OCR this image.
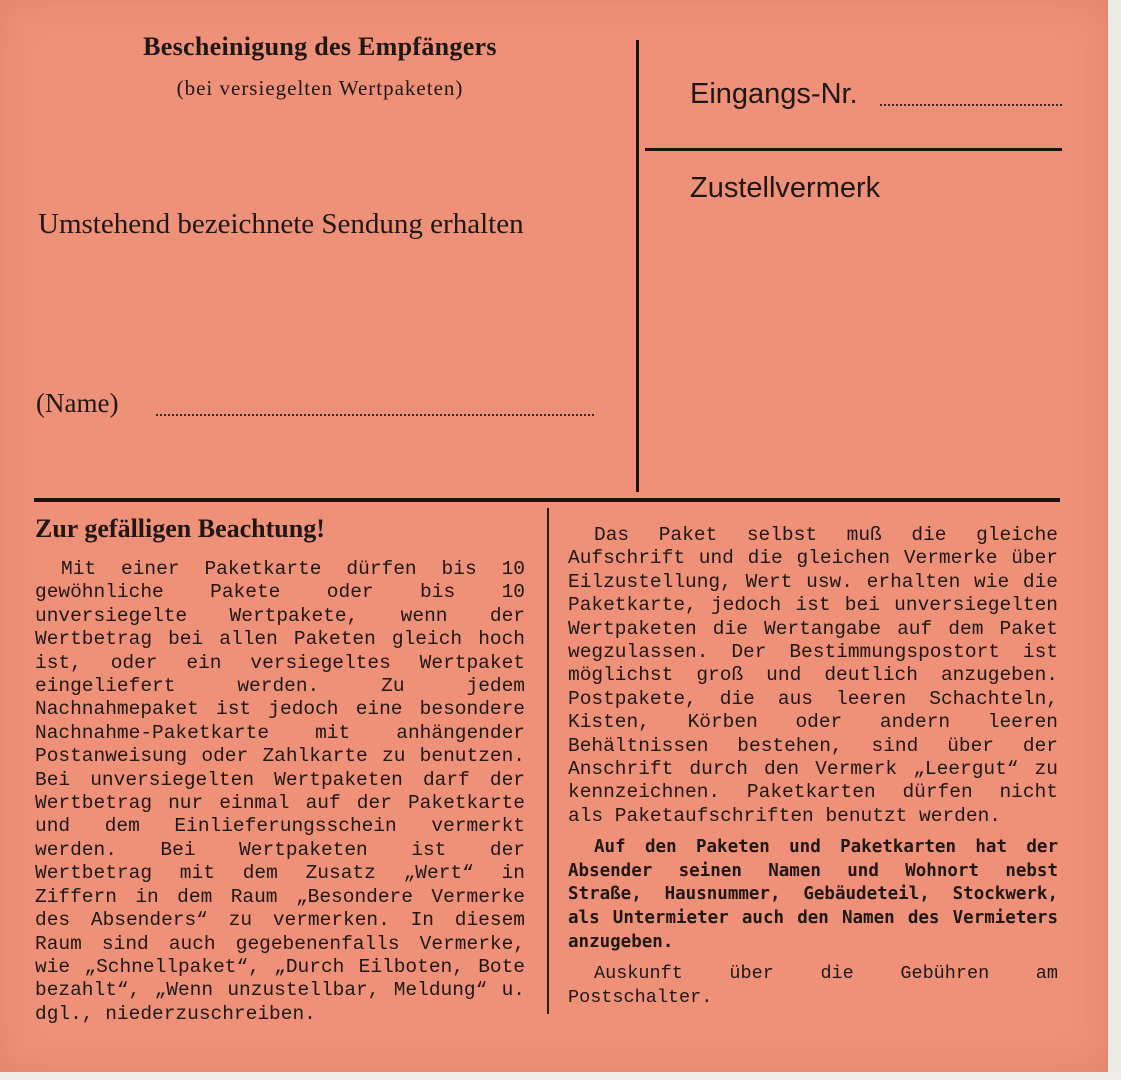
Bescheinigung des Empfängers
(bei versiegelten Wertpaketen)
Umstehend bezeichnete Sendung erhalten
(Name)
Eingangs-Nr.
Zustellvermerk
Zur gefälligen Beachtung!

Mit einer Paketkarte dürfen bis 10 gewöhnliche Pakete oder bis 10 unversiegelte Wertpakete, wenn der Wertbetrag bei allen Paketen gleich hoch ist, oder ein versiegeltes Wertpaket eingeliefert werden. Zu jedem Nachnahmepaket ist jedoch eine besondere Nachnahme-Paketkarte mit anhängender Postanweisung oder Zahlkarte zu benutzen. Bei unversiegelten Wertpaketen darf der Wertbetrag nur einmal auf der Paketkarte und dem Einlieferungsschein vermerkt werden. Bei Wertpaketen ist der Wertbetrag mit dem Zusatz „Wert“ in Ziffern in dem Raum „Besondere Vermerke des Absenders“ zu vermerken. In diesem Raum sind auch gegebenenfalls Vermerke, wie „Schnellpaket“, „Durch Eilboten, Bote bezahlt“, „Wenn unzustellbar, Meldung“ u. dgl., niederzuschreiben.

Das Paket selbst muß die gleiche Aufschrift und die gleichen Vermerke über Eilzustellung, Wert usw. erhalten wie die Paketkarte, jedoch ist bei unversiegelten Wertpaketen die Wertangabe auf dem Paket wegzulassen. Der Bestimmungspostort ist möglichst groß und deutlich anzugeben. Postpakete, die aus leeren Schachteln, Kisten, Körben oder andern leeren Behältnissen bestehen, sind über der Anschrift durch den Vermerk „Leergut“ zu kennzeichnen. Paketkarten dürfen nicht als Paketaufschriften benutzt werden.

Auf den Paketen und Paketkarten hat der Absender seinen Namen und Wohnort nebst Straße, Hausnummer, Gebäudeteil, Stockwerk, als Untermieter auch den Namen des Vermieters anzugeben.

Auskunft über die Gebühren am Postschalter.
